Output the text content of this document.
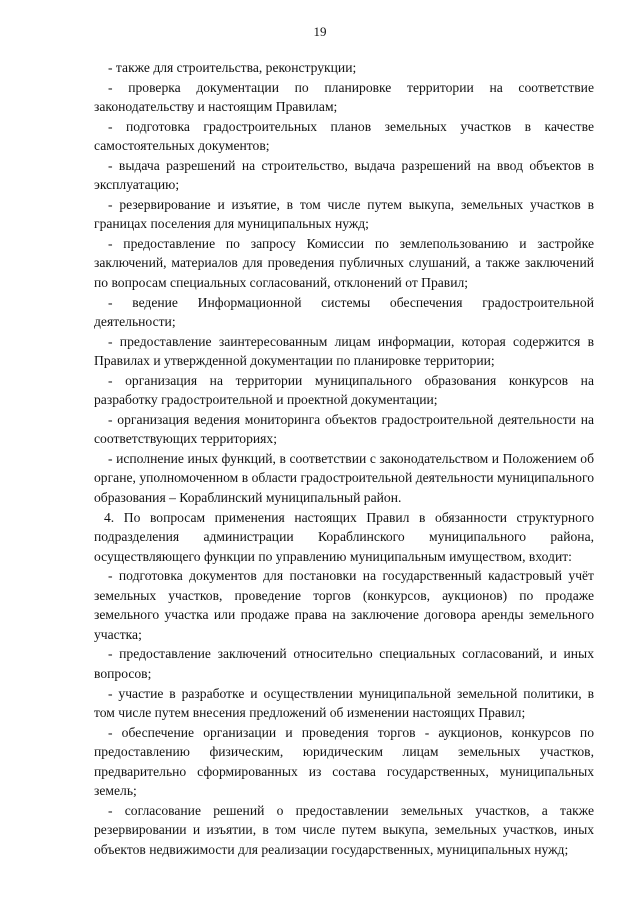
19

- также для строительства, реконструкции;

- проверка документации по планировке территории на соответствие законодательству и настоящим Правилам;

- подготовка градостроительных планов земельных участков в качестве самостоятельных документов;

- выдача разрешений на строительство, выдача разрешений на ввод объектов в эксплуатацию;

- резервирование и изъятие, в том числе путем выкупа, земельных участков в границах поселения для муниципальных нужд;

- предоставление по запросу Комиссии по землепользованию и застройке заключений, материалов для проведения публичных слушаний, а также заключений по вопросам специальных согласований, отклонений от Правил;

- ведение Информационной системы обеспечения градостроительной деятельности;

- предоставление заинтересованным лицам информации, которая содержится в Правилах и утвержденной документации по планировке территории;

- организация на территории муниципального образования конкурсов на разработку градостроительной и проектной документации;

- организация ведения мониторинга объектов градостроительной деятельности на соответствующих территориях;

- исполнение иных функций, в соответствии с законодательством и Положением об органе, уполномоченном в области градостроительной деятельности муниципального образования – Кораблинский муниципальный район.

4. По вопросам применения настоящих Правил в обязанности структурного подразделения администрации Кораблинского муниципального района, осуществляющего функции по управлению муниципальным имуществом, входит:

- подготовка документов для постановки на государственный кадастровый учёт земельных участков, проведение торгов (конкурсов, аукционов) по продаже земельного участка или продаже права на заключение договора аренды земельного участка;

- предоставление заключений относительно специальных согласований, и иных вопросов;

- участие в разработке и осуществлении муниципальной земельной политики, в том числе путем внесения предложений об изменении настоящих Правил;

- обеспечение организации и проведения торгов - аукционов, конкурсов по предоставлению физическим, юридическим лицам земельных участков, предварительно сформированных из состава государственных, муниципальных земель;

- согласование решений о предоставлении земельных участков, а также резервировании и изъятии, в том числе путем выкупа, земельных участков, иных объектов недвижимости для реализации государственных, муниципальных нужд;
